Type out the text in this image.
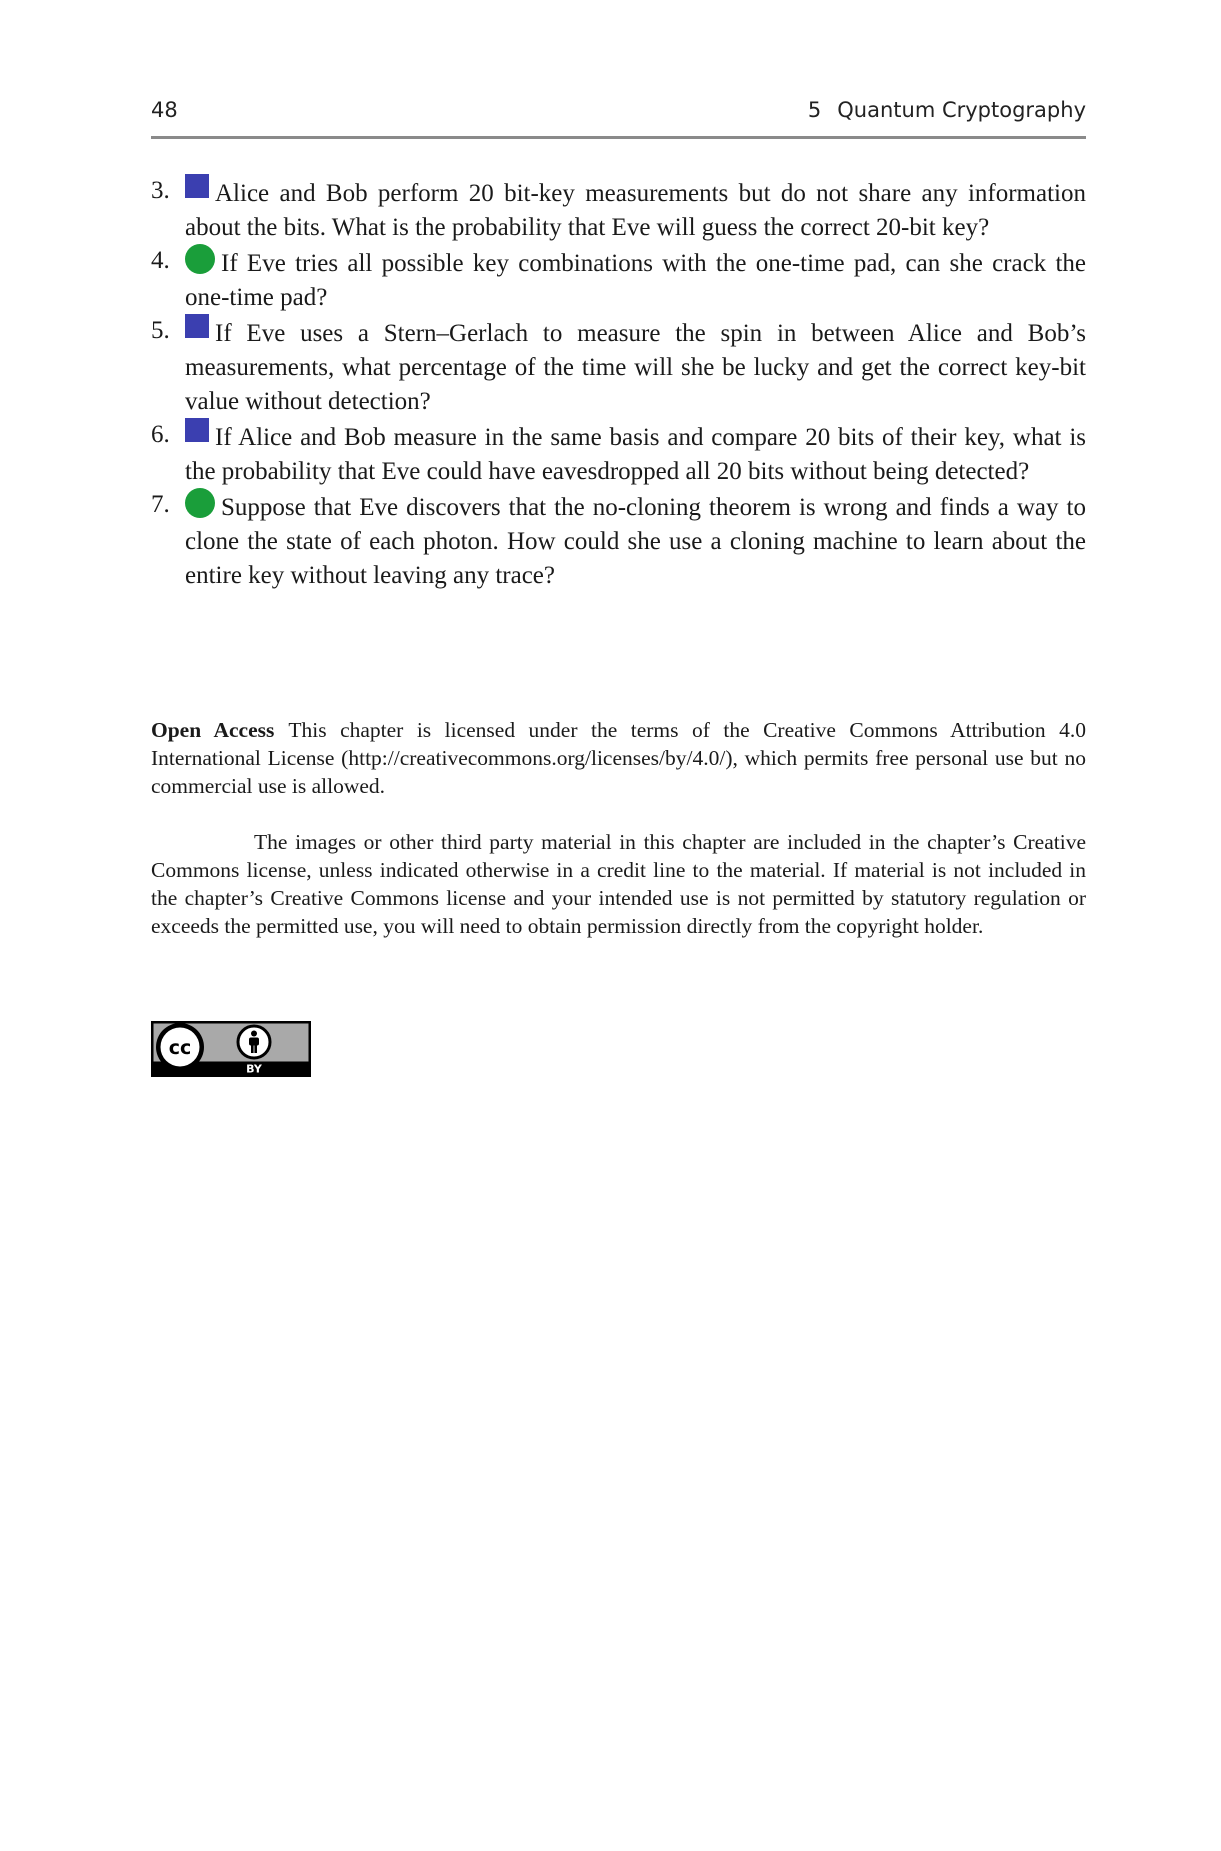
48	5 Quantum Cryptography
3. Alice and Bob perform 20 bit-key measurements but do not share any information about the bits. What is the probability that Eve will guess the correct 20-bit key?
4. If Eve tries all possible key combinations with the one-time pad, can she crack the one-time pad?
5. If Eve uses a Stern–Gerlach to measure the spin in between Alice and Bob’s measurements, what percentage of the time will she be lucky and get the correct key-bit value without detection?
6. If Alice and Bob measure in the same basis and compare 20 bits of their key, what is the probability that Eve could have eavesdropped all 20 bits without being detected?
7. Suppose that Eve discovers that the no-cloning theorem is wrong and finds a way to clone the state of each photon. How could she use a cloning machine to learn about the entire key without leaving any trace?

Open Access This chapter is licensed under the terms of the Creative Commons Attribution 4.0 International License (http://creativecommons.org/licenses/by/4.0/), which permits free personal use but no commercial use is allowed.

The images or other third party material in this chapter are included in the chapter’s Creative Commons license, unless indicated otherwise in a credit line to the material. If material is not included in the chapter’s Creative Commons license and your intended use is not permitted by statutory regulation or exceeds the permitted use, you will need to obtain permission directly from the copyright holder.

cc
BY
